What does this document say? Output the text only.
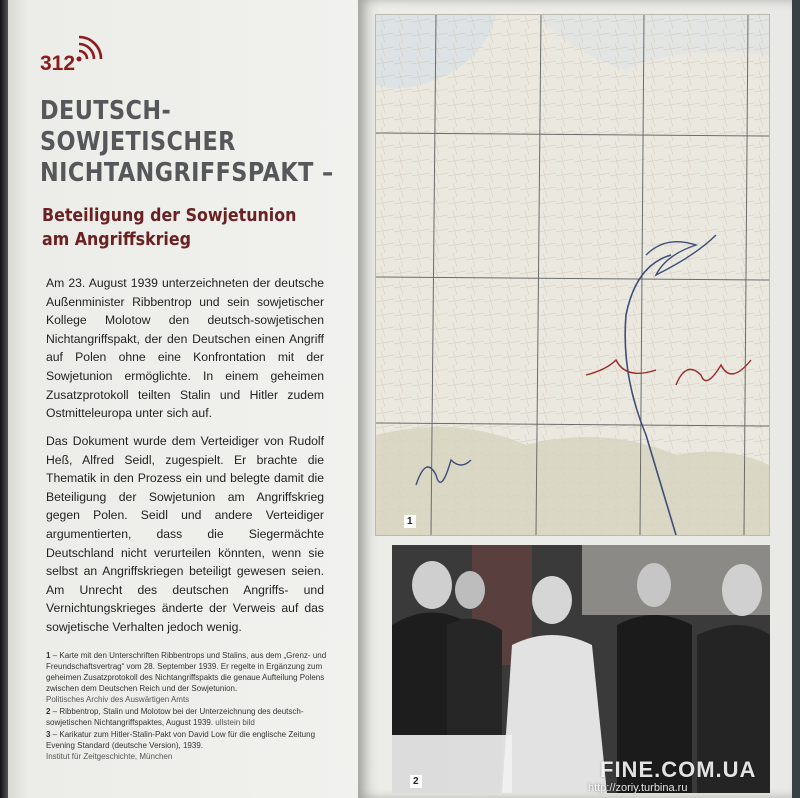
312
DEUTSCH-
SOWJETISCHER
NICHTANGRIFFSPAKT –
Beteiligung der Sowjetunion
am Angriffskrieg

Am 23. August 1939 unterzeichneten der deutsche Außenminister Ribbentrop und sein sowjetischer Kollege Molotow den deutsch-sowjetischen Nichtangriffspakt, der den Deutschen einen Angriff auf Polen ohne eine Konfrontation mit der Sowjetunion ermöglichte. In einem geheimen Zusatzprotokoll teilten Stalin und Hitler zudem Ostmitteleuropa unter sich auf.

Das Dokument wurde dem Verteidiger von Rudolf Heß, Alfred Seidl, zugespielt. Er brachte die Thematik in den Prozess ein und belegte damit die Beteiligung der Sowjetunion am Angriffskrieg gegen Polen. Seidl und andere Verteidiger argumentierten, dass die Siegermächte Deutschland nicht verurteilen könnten, wenn sie selbst an Angriffskriegen beteiligt gewesen seien. Am Unrecht des deutschen Angriffs- und Vernichtungskrieges änderte der Verweis auf das sowjetische Verhalten jedoch wenig.

1 – Karte mit den Unterschriften Ribbentrops und Stalins, aus dem „Grenz- und Freundschaftsvertrag“ vom 28. September 1939. Er regelte in Ergänzung zum geheimen Zusatzprotokoll des Nichtangriffspakts die genaue Aufteilung Polens zwischen dem Deutschen Reich und der Sowjetunion.
Politisches Archiv des Auswärtigen Amts

2 – Ribbentrop, Stalin und Molotow bei der Unterzeichnung des deutsch-sowjetischen Nichtangriffspaktes, August 1939. ullstein bild

3 – Karikatur zum Hitler-Stalin-Pakt von David Low für die englische Zeitung Evening Standard (deutsche Version), 1939.
Institut für Zeitgeschichte, München

1
2	FINE.COM.UA
http://zoriy.turbina.ru
